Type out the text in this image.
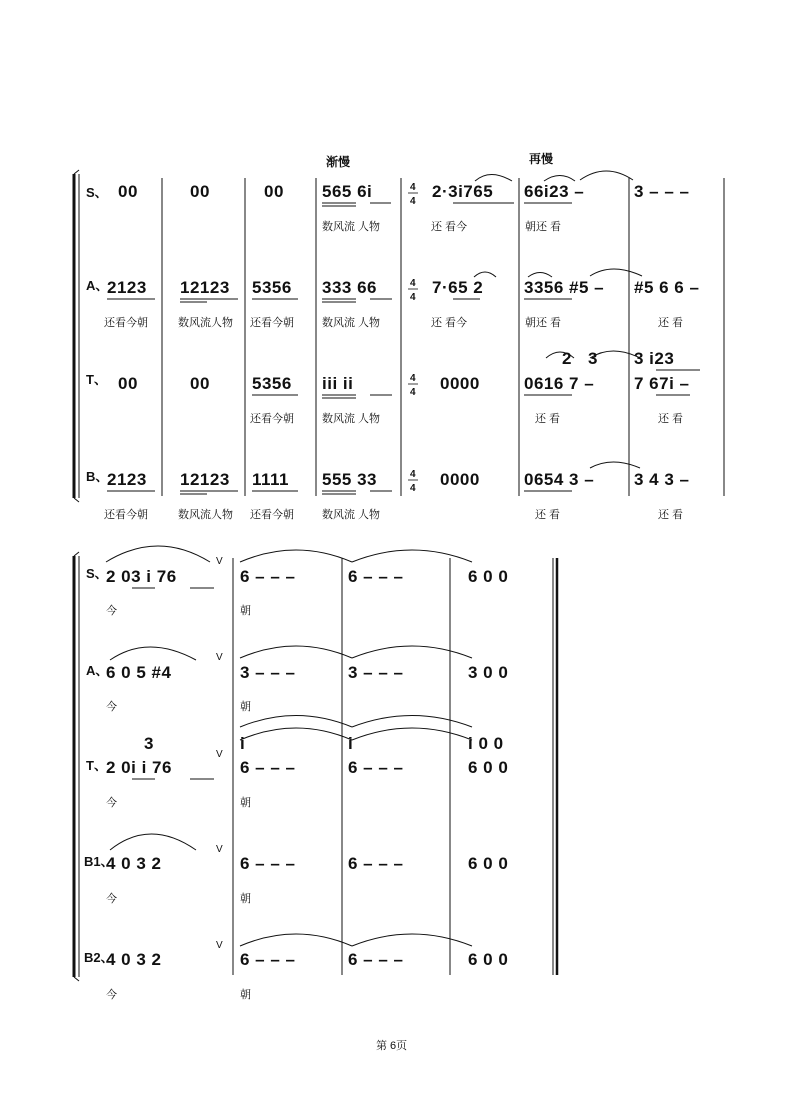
渐慢	再慢
4
4
4
4
4
4
4
4
S、 00	00	00 565 6i	2·3i765 66i23 –	3 – – –
数风流 人物	还 看今	朝还 看
A、
2123 12123 5356 333 66	7·65 2 3356 #5 – #5 6 6 –
还看今朝	数风流人物 还看今朝	数风流 人物	还 看今	朝还 看	还 看
T、 00	00 5356 iii ii	0000	0616 7 – 7 67i –
2 3 3 i23
还看今朝	数风流 人物	还 看	还 看
B、
2123 12123 1111 555 33	0000	0654 3 – 3 4 3 –
还看今朝	数风流人物 还看今朝	数风流 人物	还 看	还 看
S、
2 03 i 76	6 – – –	6 – – –	6 0 0
V
今	朝
A、
6 0 5 #4	3 – – –	3 – – –	3 0 0
V
今	朝
T、
3	i	i	i 0 0
2 0i i 76	6 – – –	6 – – –	6 0 0
V
今	朝
B1、
4 0 3 2	6 – – –	6 – – –	6 0 0
V
今	朝
B2、
4 0 3 2	6 – – –	6 – – –	6 0 0
V
今	朝
第 6页
